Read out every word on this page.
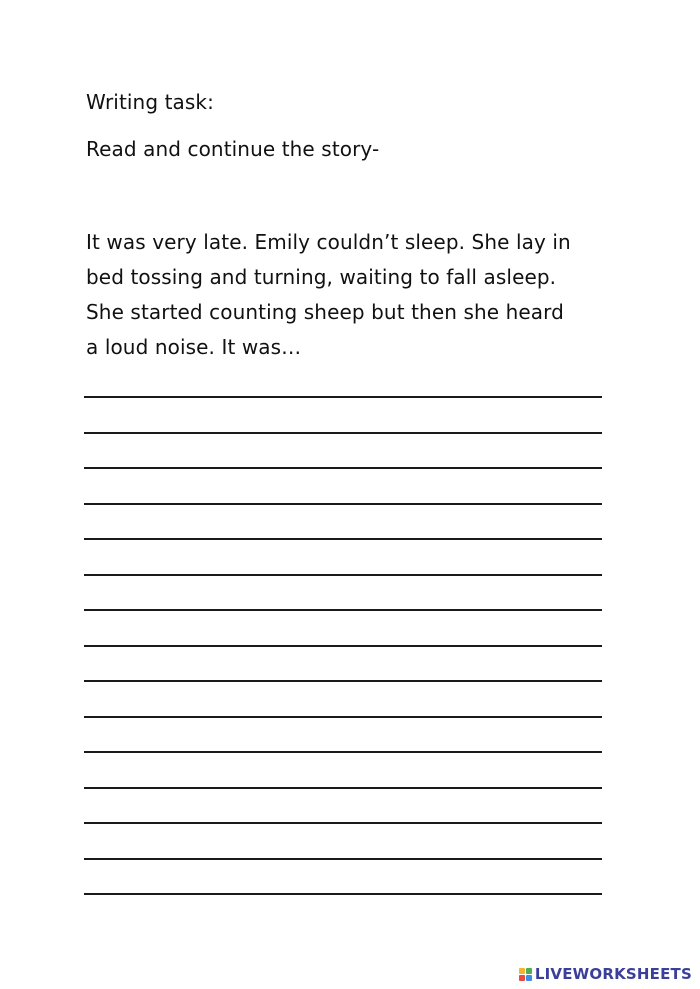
Writing task:
Read and continue the story-
It was very late. Emily couldn’t sleep. She lay in
bed tossing and turning, waiting to fall asleep.
She started counting sheep but then she heard
a loud noise. It was…
LIVEWORKSHEETS
